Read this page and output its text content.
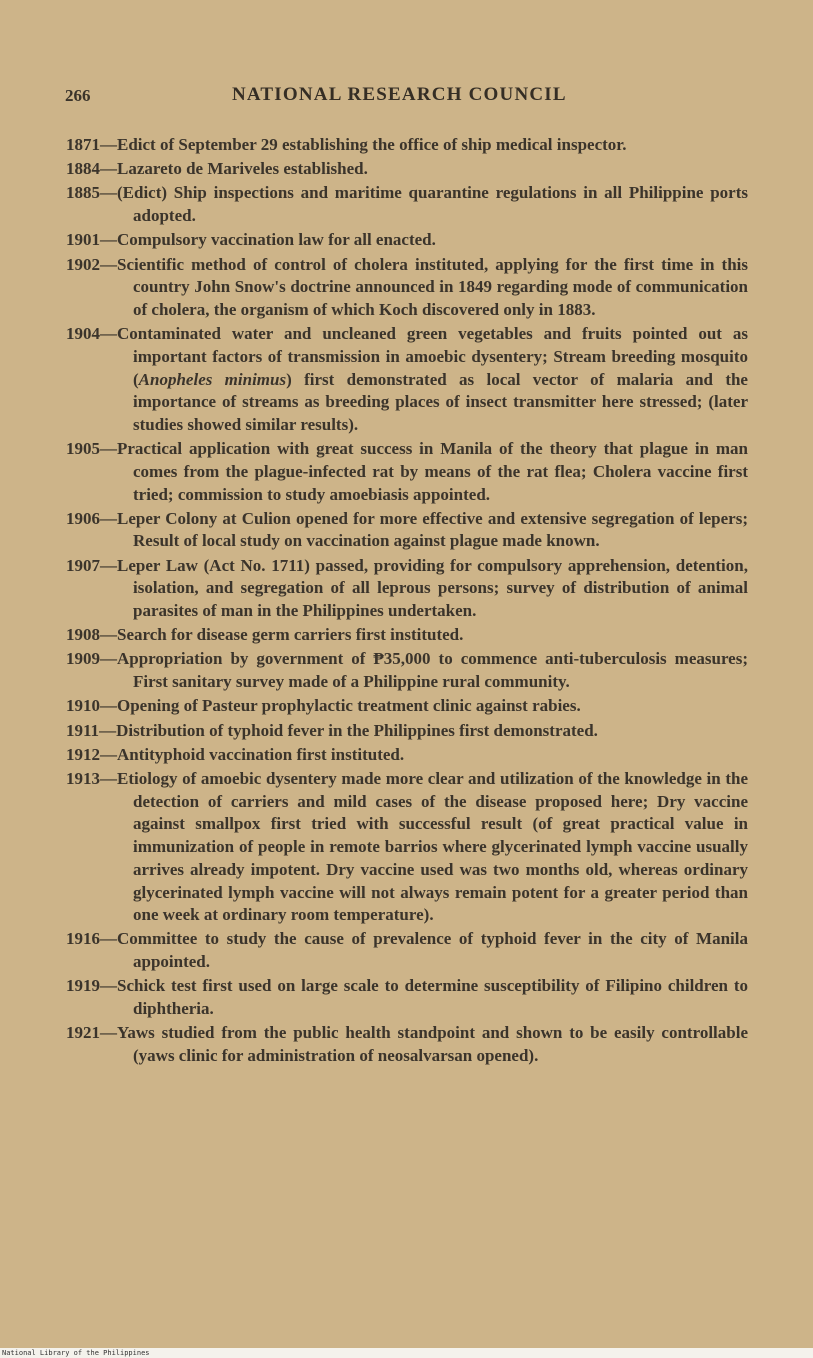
266	NATIONAL RESEARCH COUNCIL

1871—Edict of September 29 establishing the office of ship medical inspector.

1884—Lazareto de Mariveles established.

1885—(Edict) Ship inspections and maritime quarantine regulations in all Philippine ports adopted.

1901—Compulsory vaccination law for all enacted.

1902—Scientific method of control of cholera instituted, applying for the first time in this country John Snow's doctrine announced in 1849 regarding mode of communication of cholera, the organism of which Koch discovered only in 1883.

1904—Contaminated water and uncleaned green vegetables and fruits pointed out as important factors of transmission in amoebic dysentery; Stream breeding mosquito (Anopheles minimus) first demonstrated as local vector of malaria and the importance of streams as breeding places of insect transmitter here stressed; (later studies showed similar results).

1905—Practical application with great success in Manila of the theory that plague in man comes from the plague-infected rat by means of the rat flea; Cholera vaccine first tried; commission to study amoebiasis appointed.

1906—Leper Colony at Culion opened for more effective and extensive segregation of lepers; Result of local study on vaccination against plague made known.

1907—Leper Law (Act No. 1711) passed, providing for compulsory apprehension, detention, isolation, and segregation of all leprous persons; survey of distribution of animal parasites of man in the Philippines undertaken.

1908—Search for disease germ carriers first instituted.

1909—Appropriation by government of ₱35,000 to commence anti-tuberculosis measures; First sanitary survey made of a Philippine rural community.

1910—Opening of Pasteur prophylactic treatment clinic against rabies.

1911—Distribution of typhoid fever in the Philippines first demonstrated.

1912—Antityphoid vaccination first instituted.

1913—Etiology of amoebic dysentery made more clear and utilization of the knowledge in the detection of carriers and mild cases of the disease proposed here; Dry vaccine against smallpox first tried with successful result (of great practical value in immunization of people in remote barrios where glycerinated lymph vaccine usually arrives already impotent. Dry vaccine used was two months old, whereas ordinary glycerinated lymph vaccine will not always remain potent for a greater period than one week at ordinary room temperature).

1916—Committee to study the cause of prevalence of typhoid fever in the city of Manila appointed.

1919—Schick test first used on large scale to determine susceptibility of Filipino children to diphtheria.

1921—Yaws studied from the public health standpoint and shown to be easily controllable (yaws clinic for administration of neosalvarsan opened).

National Library of the Philippines
